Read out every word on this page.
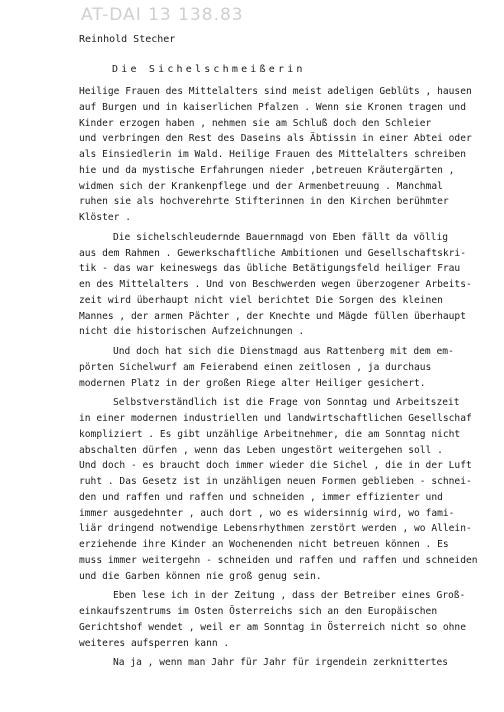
AT-DAI 13 138.83
Reinhold Stecher
Die Sichelschmeißerin
Heilige Frauen des Mittelalters sind meist adeligen Geblüts , hausen
auf Burgen und in kaiserlichen Pfalzen . Wenn sie Kronen tragen und
Kinder erzogen haben , nehmen sie am Schluß doch den Schleier
und verbringen den Rest des Daseins als Äbtissin in einer Abtei oder
als Einsiedlerin im Wald. Heilige Frauen des Mittelalters schreiben
hie und da mystische Erfahrungen nieder ,betreuen Kräutergärten ,
widmen sich der Krankenpflege und der Armenbetreuung . Manchmal
ruhen sie als hochverehrte Stifterinnen in den Kirchen berühmter
Klöster .
Die sichelschleudernde Bauernmagd von Eben fällt da völlig
aus dem Rahmen . Gewerkschaftliche Ambitionen und Gesellschaftskri-
tik - das war keineswegs das übliche Betätigungsfeld heiliger Frau
en des Mittelalters . Und von Beschwerden wegen überzogener Arbeits-
zeit wird überhaupt nicht viel berichtet Die Sorgen des kleinen
Mannes , der armen Pächter , der Knechte und Mägde füllen überhaupt
nicht die historischen Aufzeichnungen .
Und doch hat sich die Dienstmagd aus Rattenberg mit dem em-
pörten Sichelwurf am Feierabend einen zeitlosen , ja durchaus
modernen Platz in der großen Riege alter Heiliger gesichert.
Selbstverständlich ist die Frage von Sonntag und Arbeitszeit
in einer modernen industriellen und landwirtschaftlichen Gesellschaf
kompliziert . Es gibt unzählige Arbeitnehmer, die am Sonntag nicht
abschalten dürfen , wenn das Leben ungestört weitergehen soll .
Und doch - es braucht doch immer wieder die Sichel , die in der Luft
ruht . Das Gesetz ist in unzähligen neuen Formen geblieben - schnei-
den und raffen und raffen und schneiden , immer effizienter und
immer ausgedehnter , auch dort , wo es widersinnig wird, wo fami-
liär dringend notwendige Lebensrhythmen zerstört werden , wo Allein-
erziehende ihre Kinder an Wochenenden nicht betreuen können . Es
muss immer weitergehn - schneiden und raffen und raffen und schneiden
und die Garben können nie groß genug sein.
Eben lese ich in der Zeitung , dass der Betreiber eines Groß-
einkaufszentrums im Osten Österreichs sich an den Europäischen
Gerichtshof wendet , weil er am Sonntag in Österreich nicht so ohne
weiteres aufsperren kann .
Na ja , wenn man Jahr für Jahr für irgendein zerknittertes
